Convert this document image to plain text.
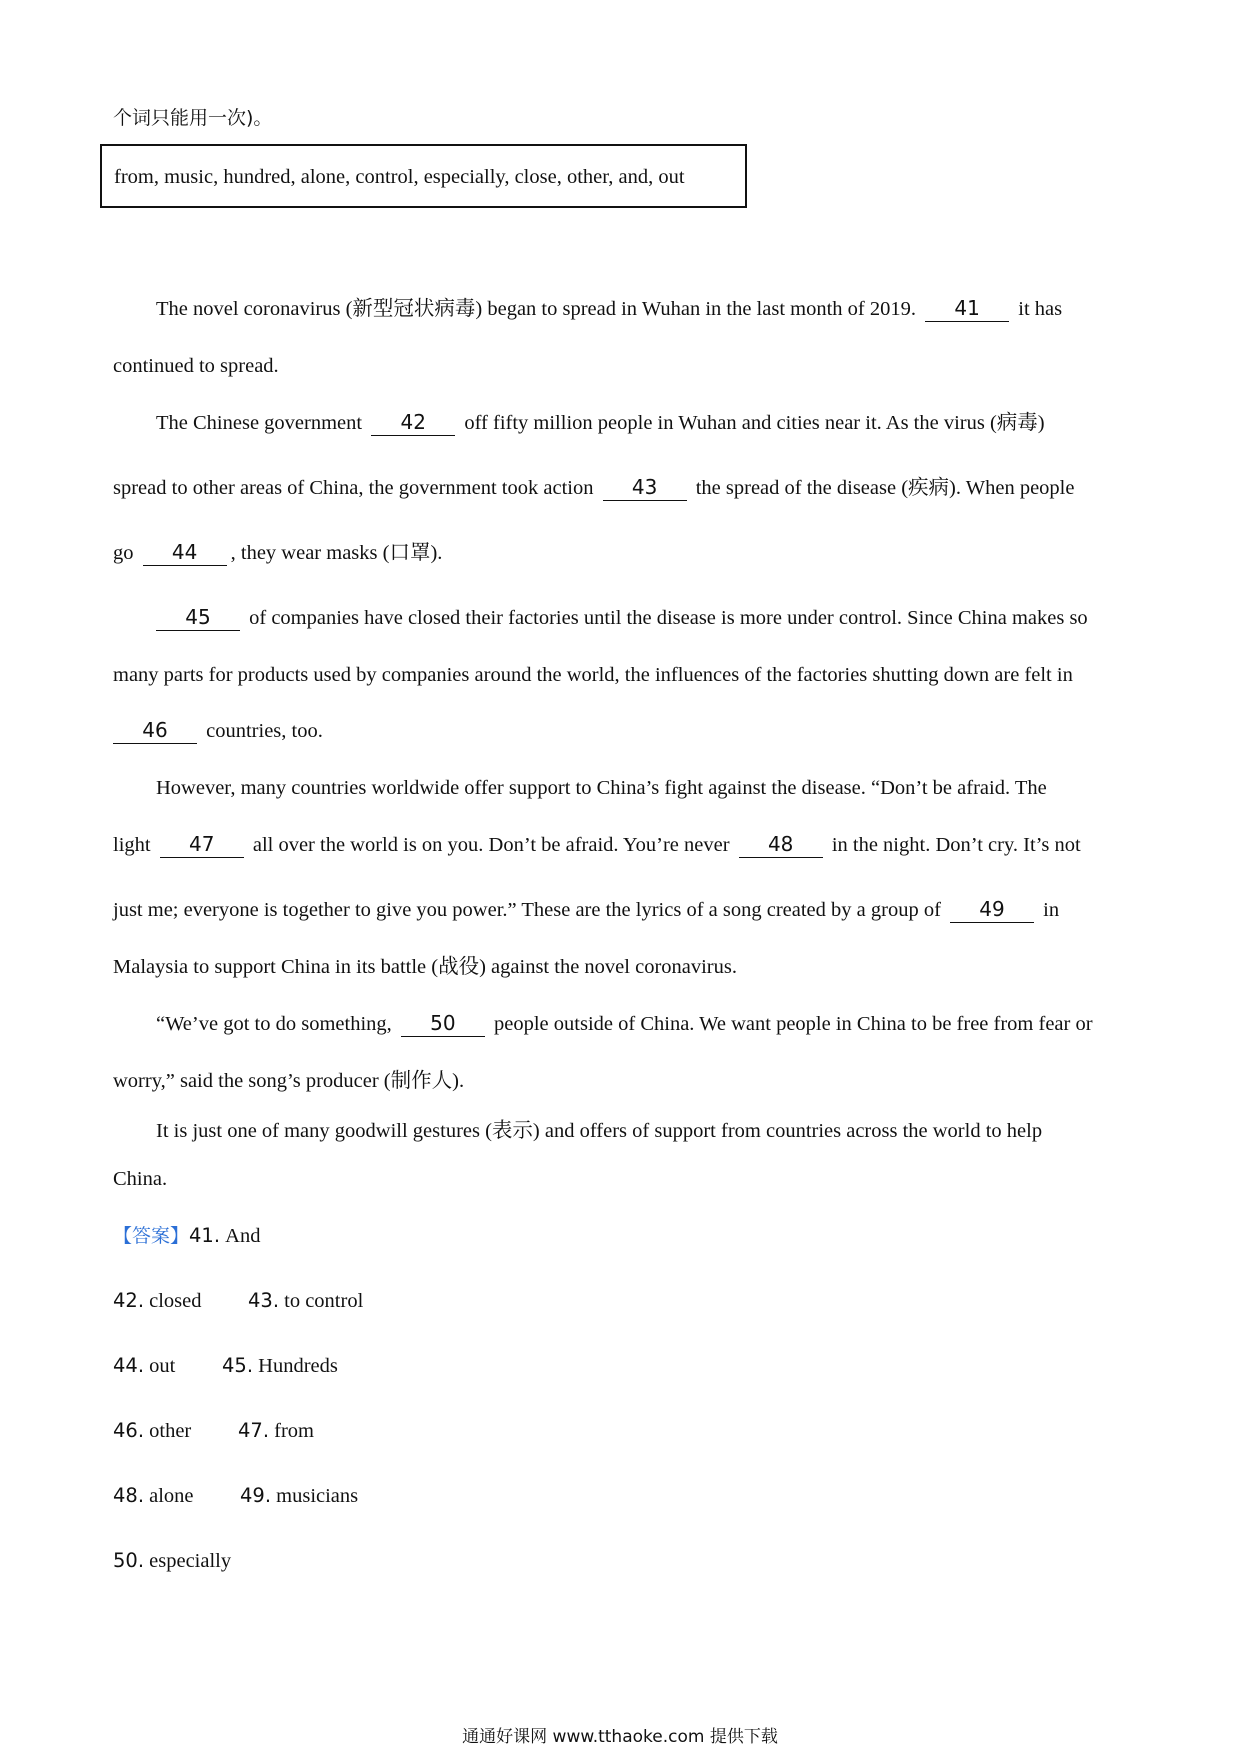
个词只能用一次)。
from, music, hundred, alone, control, especially, close, other, and, out
The novel coronavirus (新型冠状病毒) began to spread in Wuhan in the last month of 2019. 41 it has
continued to spread.
The Chinese government 42 off fifty million people in Wuhan and cities near it. As the virus (病毒)
spread to other areas of China, the government took action 43 the spread of the disease (疾病). When people
go 44 , they wear masks (口罩).
45 of companies have closed their factories until the disease is more under control. Since China makes so
many parts for products used by companies around the world, the influences of the factories shutting down are felt in
46 countries, too.
However, many countries worldwide offer support to China’s fight against the disease. “Don’t be afraid. The
light 47 all over the world is on you. Don’t be afraid. You’re never 48 in the night. Don’t cry. It’s not
just me; everyone is together to give you power.” These are the lyrics of a song created by a group of 49 in
Malaysia to support China in its battle (战役) against the novel coronavirus.
“We’ve got to do something, 50 people outside of China. We want people in China to be free from fear or
worry,” said the song’s producer (制作人).
It is just one of many goodwill gestures (表示) and offers of support from countries across the world to help
China.
【答案】41. And
42. closed 43. to control
44. out 45. Hundreds
46. other 47. from
48. alone 49. musicians
50. especially
通通好课网 www.tthaoke.com 提供下载
